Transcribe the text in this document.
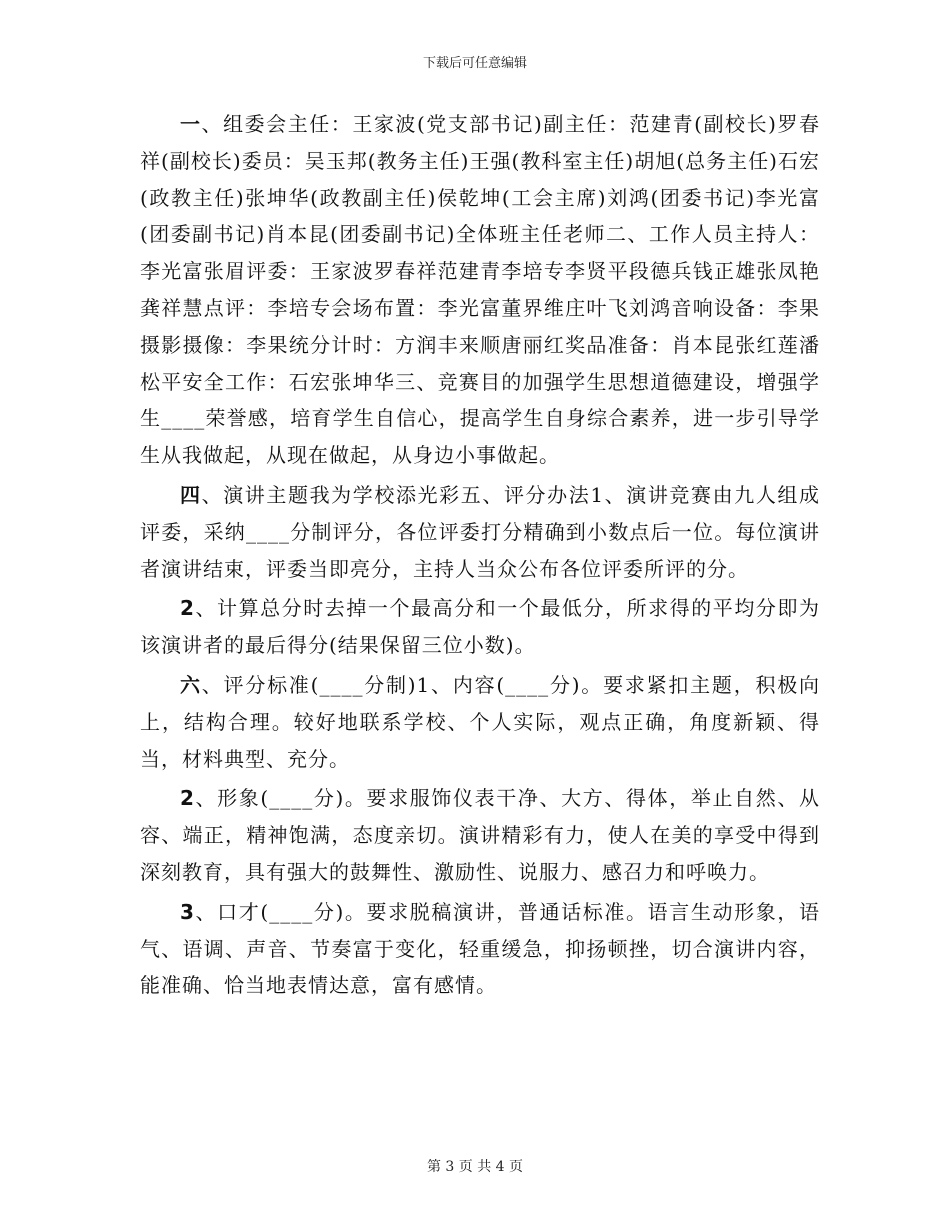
下载后可任意编辑

一、组委会主任：王家波(党支部书记)副主任：范建青(副校长)罗春祥(副校长)委员：吴玉邦(教务主任)王强(教科室主任)胡旭(总务主任)石宏(政教主任)张坤华(政教副主任)侯乾坤(工会主席)刘鸿(团委书记)李光富(团委副书记)肖本昆(团委副书记)全体班主任老师二、工作人员主持人：李光富张眉评委：王家波罗春祥范建青李培专李贤平段德兵钱正雄张凤艳龚祥慧点评：李培专会场布置：李光富董界维庄叶飞刘鸿音响设备：李果摄影摄像：李果统分计时：方润丰来顺唐丽红奖品准备：肖本昆张红莲潘松平安全工作：石宏张坤华三、竞赛目的加强学生思想道德建设，增强学生____荣誉感，培育学生自信心，提高学生自身综合素养，进一步引导学生从我做起，从现在做起，从身边小事做起。

四、演讲主题我为学校添光彩五、评分办法1、演讲竞赛由九人组成评委，采纳____分制评分，各位评委打分精确到小数点后一位。每位演讲者演讲结束，评委当即亮分，主持人当众公布各位评委所评的分。

2、计算总分时去掉一个最高分和一个最低分，所求得的平均分即为该演讲者的最后得分(结果保留三位小数)。

六、评分标准(____分制)1、内容(____分)。要求紧扣主题，积极向上，结构合理。较好地联系学校、个人实际，观点正确，角度新颖、得当，材料典型、充分。

2、形象(____分)。要求服饰仪表干净、大方、得体，举止自然、从容、端正，精神饱满，态度亲切。演讲精彩有力，使人在美的享受中得到深刻教育，具有强大的鼓舞性、激励性、说服力、感召力和呼唤力。

3、口才(____分)。要求脱稿演讲，普通话标准。语言生动形象，语气、语调、声音、节奏富于变化，轻重缓急，抑扬顿挫，切合演讲内容，能准确、恰当地表情达意，富有感情。

第 3 页 共 4 页
